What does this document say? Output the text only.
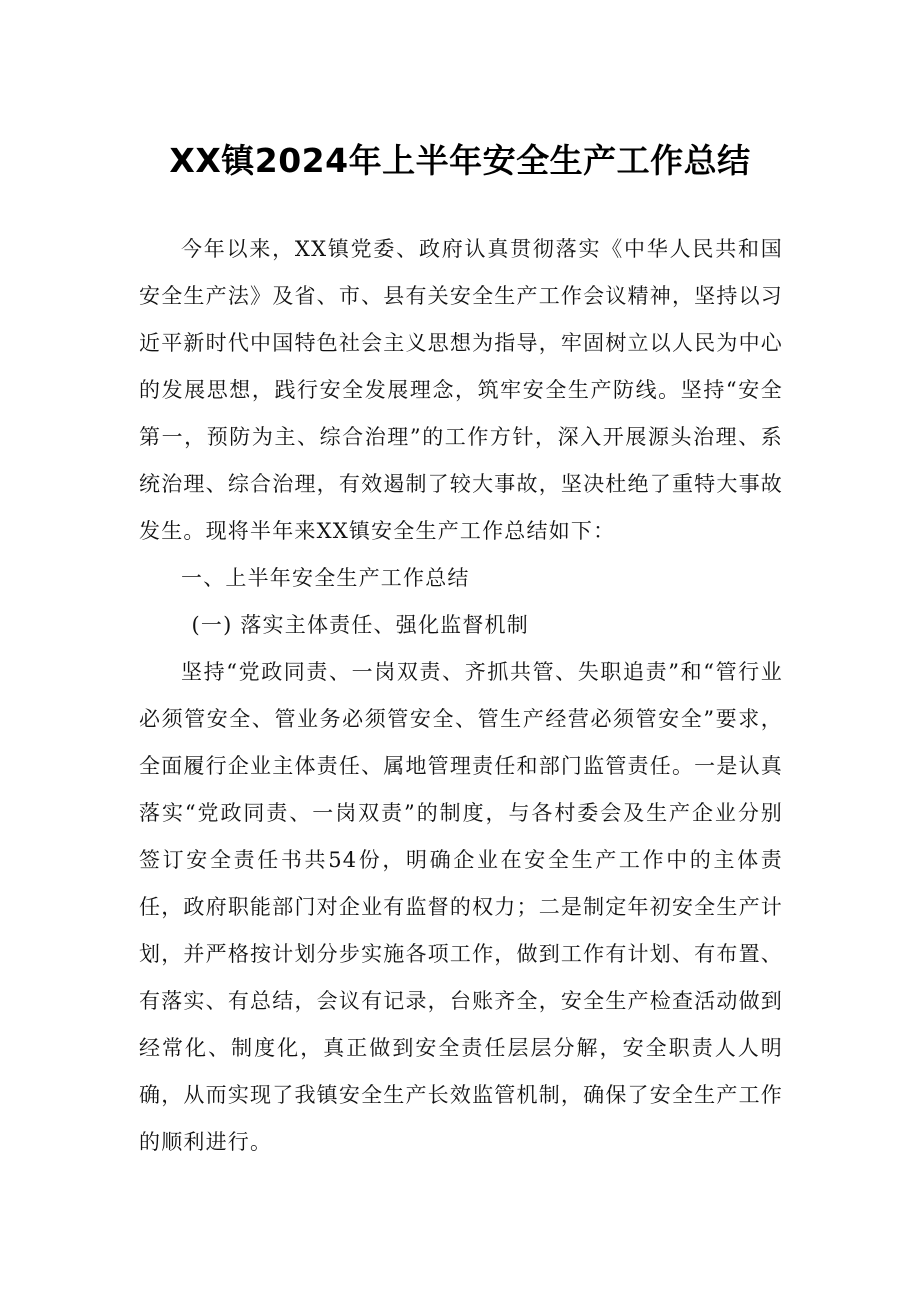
XX镇2024年上半年安全生产工作总结

今年以来，XX镇党委、政府认真贯彻落实《中华人民共和国安全生产法》及省、市、县有关安全生产工作会议精神，坚持以习近平新时代中国特色社会主义思想为指导，牢固树立以人民为中心的发展思想，践行安全发展理念，筑牢安全生产防线。坚持“安全第一，预防为主、综合治理”的工作方针，深入开展源头治理、系统治理、综合治理，有效遏制了较大事故，坚决杜绝了重特大事故发生。现将半年来XX镇安全生产工作总结如下：

一、上半年安全生产工作总结

(一) 落实主体责任、强化监督机制

坚持“党政同责、一岗双责、齐抓共管、失职追责”和“管行业必须管安全、管业务必须管安全、管生产经营必须管安全”要求，全面履行企业主体责任、属地管理责任和部门监管责任。一是认真落实“党政同责、一岗双责”的制度，与各村委会及生产企业分别签订安全责任书共54份，明确企业在安全生产工作中的主体责任，政府职能部门对企业有监督的权力；二是制定年初安全生产计划，并严格按计划分步实施各项工作，做到工作有计划、有布置、有落实、有总结，会议有记录，台账齐全，安全生产检查活动做到经常化、制度化，真正做到安全责任层层分解，安全职责人人明确，从而实现了我镇安全生产长效监管机制，确保了安全生产工作的顺利进行。
